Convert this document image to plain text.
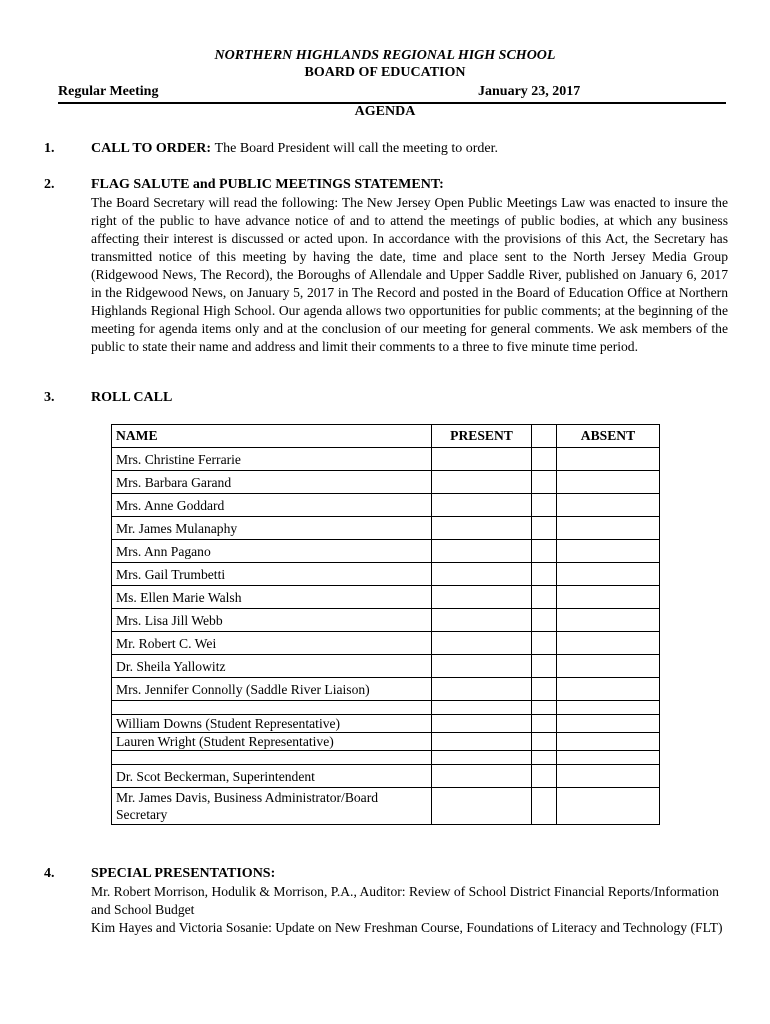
NORTHERN HIGHLANDS REGIONAL HIGH SCHOOL
BOARD OF EDUCATION
Regular Meeting	January 23, 2017
AGENDA
1.	CALL TO ORDER: The Board President will call the meeting to order.
2.	FLAG SALUTE and PUBLIC MEETINGS STATEMENT:
The Board Secretary will read the following: The New Jersey Open Public Meetings Law was enacted to insure the right of the public to have advance notice of and to attend the meetings of public bodies, at which any business affecting their interest is discussed or acted upon. In accordance with the provisions of this Act, the Secretary has transmitted notice of this meeting by having the date, time and place sent to the North Jersey Media Group (Ridgewood News, The Record), the Boroughs of Allendale and Upper Saddle River, published on January 6, 2017 in the Ridgewood News, on January 5, 2017 in The Record and posted in the Board of Education Office at Northern Highlands Regional High School. Our agenda allows two opportunities for public comments; at the beginning of the meeting for agenda items only and at the conclusion of our meeting for general comments. We ask members of the public to state their name and address and limit their comments to a three to five minute time period.
3.	ROLL CALL
NAME	PRESENT		ABSENT
Mrs. Christine Ferrarie			
Mrs. Barbara Garand			
Mrs. Anne Goddard			
Mr. James Mulanaphy			
Mrs. Ann Pagano			
Mrs. Gail Trumbetti			
Ms. Ellen Marie Walsh			
Mrs. Lisa Jill Webb			
Mr. Robert C. Wei			
Dr. Sheila Yallowitz			
Mrs. Jennifer Connolly (Saddle River Liaison)			

William Downs (Student Representative)			
Lauren Wright (Student Representative)			

Dr. Scot Beckerman, Superintendent			
Mr. James Davis, Business Administrator/Board Secretary			
4.	SPECIAL PRESENTATIONS:
Mr. Robert Morrison, Hodulik & Morrison, P.A., Auditor: Review of School District Financial Reports/Information and School Budget
Kim Hayes and Victoria Sosanie: Update on New Freshman Course, Foundations of Literacy and Technology (FLT)
